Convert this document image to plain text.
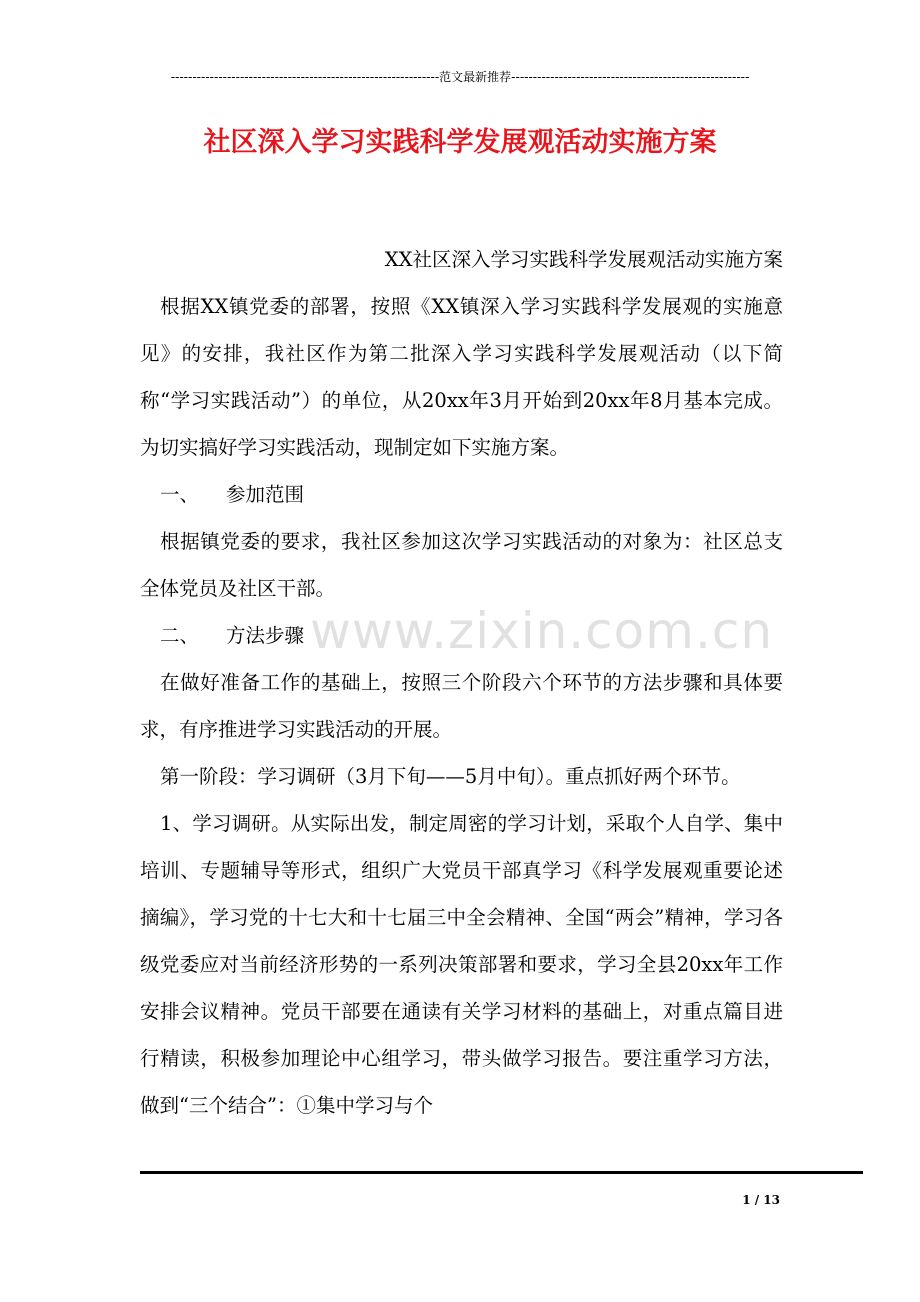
--------------------------------------------------------------范文最新推荐-------------------------------------------------------
社区深入学习实践科学发展观活动实施方案

XX社区深入学习实践科学发展观活动实施方案

根据XX镇党委的部署，按照《XX镇深入学习实践科学发展观的实施意见》的安排，我社区作为第二批深入学习实践科学发展观活动（以下简称“学习实践活动”）的单位，从20xx年3月开始到20xx年8月基本完成。为切实搞好学习实践活动，现制定如下实施方案。

一、 参加范围

根据镇党委的要求，我社区参加这次学习实践活动的对象为：社区总支全体党员及社区干部。

二、 方法步骤

在做好准备工作的基础上，按照三个阶段六个环节的方法步骤和具体要求，有序推进学习实践活动的开展。

第一阶段：学习调研（3月下旬——5月中旬）。重点抓好两个环节。

1、学习调研。从实际出发，制定周密的学习计划，采取个人自学、集中培训、专题辅导等形式，组织广大党员干部真学习《科学发展观重要论述摘编》，学习党的十七大和十七届三中全会精神、全国“两会”精神，学习各级党委应对当前经济形势的一系列决策部署和要求，学习全县20xx年工作安排会议精神。党员干部要在通读有关学习材料的基础上，对重点篇目进行精读，积极参加理论中心组学习，带头做学习报告。要注重学习方法，做到“三个结合”：①集中学习与个

www.zixin.com.cn
1 / 13
